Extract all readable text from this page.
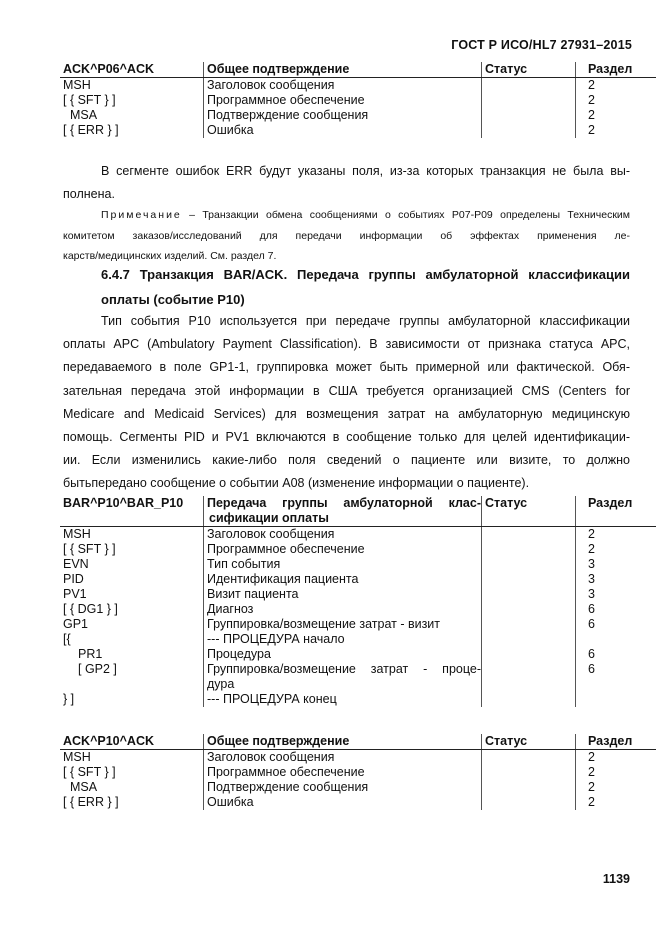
ГОСТ Р ИСО/HL7 27931–2015
ACK^P06^ACK	Общее подтверждение	Статус	Раздел
MSH	Заголовок сообщения		2
[ { SFT } ]	Программное обеспечение		2
MSA	Подтверждение сообщения		2
[ { ERR } ]	Ошибка		2
В сегменте ошибок ERR будут указаны поля, из-за которых транзакция не была вы-
полнена.
Примечание – Транзакции обмена сообщениями о событиях P07-P09 определены Техническим
комитетом заказов/исследований для передачи информации об эффектах применения ле-
карств/медицинских изделий. См. раздел 7.
6.4.7 Транзакция BAR/ACK. Передача группы амбулаторной классификации
оплаты (событие P10)
Тип события P10 используется при передаче группы амбулаторной классификации
оплаты APC (Ambulatory Payment Classification). В зависимости от признака статуса APC,
передаваемого в поле GP1-1, группировка может быть примерной или фактической. Обя-
зательная передача этой информации в США требуется организацией CMS (Centers for
Medicare and Medicaid Services) для возмещения затрат на амбулаторную медицинскую
помощь. Сегменты PID и PV1 включаются в сообщение только для целей идентификации-
ии. Если изменились какие-либо поля сведений о пациенте или визите, то должно
бытьпередано сообщение о событии A08 (изменение информации о пациенте).
BAR^P10^BAR_P10	Передача группы амбулаторной клас-
сификации оплаты	Статус	Раздел
MSH	Заголовок сообщения		2
[ { SFT } ]	Программное обеспечение		2
EVN	Тип события		3
PID	Идентификация пациента		3
PV1	Визит пациента		3
[ { DG1 } ]	Диагноз		6
GP1	Группировка/возмещение затрат - визит		6
[{	--- ПРОЦЕДУРА начало		
PR1	Процедура		6
[ GP2 ]	Группировка/возмещение затрат - проце-		6
	дура		
} ]	--- ПРОЦЕДУРА конец		
ACK^P10^ACK	Общее подтверждение	Статус	Раздел
MSH	Заголовок сообщения		2
[ { SFT } ]	Программное обеспечение		2
MSA	Подтверждение сообщения		2
[ { ERR } ]	Ошибка		2
1139
